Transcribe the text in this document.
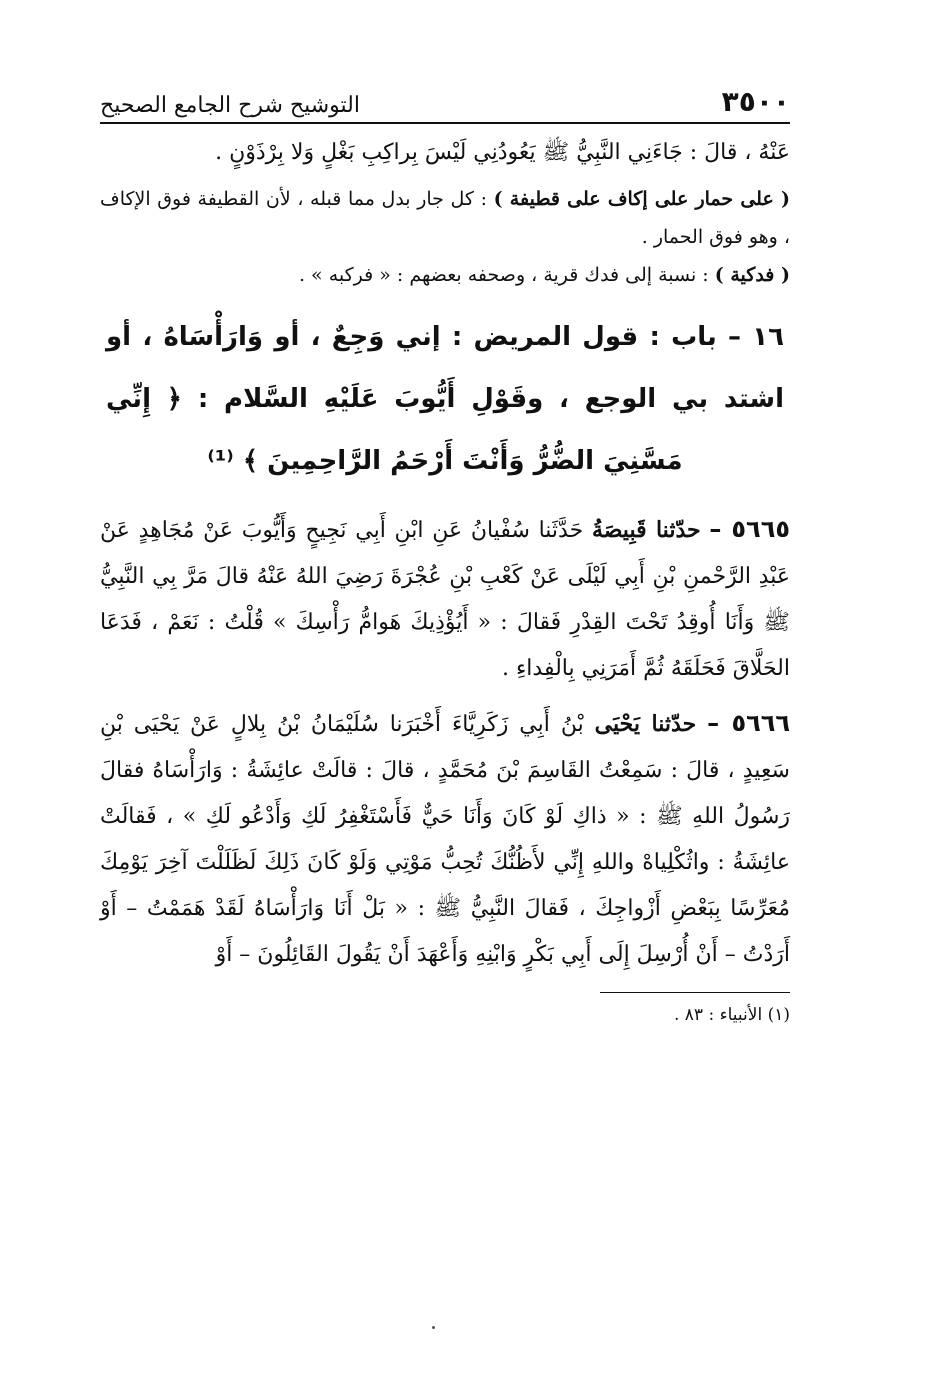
٣٥٠٠
التوشيح شرح الجامع الصحيح

عَنْهُ ، قالَ : جَاءَنِي النَّبِيُّ ﷺ يَعُودُنِي لَيْسَ بِراكِبِ بَغْلٍ وَلا بِرْذَوْنٍ .

( على حمار على إكاف على قطيفة ) : كل جار بدل مما قبله ، لأن القطيفة فوق الإكاف ، وهو فوق الحمار .

( فدكية ) : نسبة إلى فدك قرية ، وصحفه بعضهم : « فركبه » .

١٦ – باب : قول المريض : إني وَجِعٌ ، أو وَارَأْسَاهُ ، أو اشتد بي الوجع ، وقَوْلِ أَيُّوبَ عَلَيْهِ السَّلام : ﴿ إِنِّي مَسَّنِيَ الضُّرُّ وَأَنْتَ أَرْحَمُ الرَّاحِمِينَ ﴾ ⁽¹⁾

٥٦٦٥ – حدّثنا قَبِيصَةُ حَدَّثَنا سُفْيانُ عَنِ ابْنِ أَبِي نَجِيحٍ وَأَيُّوبَ عَنْ مُجَاهِدٍ عَنْ عَبْدِ الرَّحْمنِ بْنِ أَبِي لَيْلَى عَنْ كَعْبِ بْنِ عُجْرَةَ رَضِيَ اللهُ عَنْهُ قالَ مَرَّ بِي النَّبِيُّ ﷺ وَأَنَا أُوقِدُ تَحْتَ القِدْرِ فَقالَ : « أَيُؤْذِيكَ هَوامُّ رَأْسِكَ » قُلْتُ : نَعَمْ ، فَدَعَا الحَلَّاقَ فَحَلَقَهُ ثُمَّ أَمَرَنِي بِالْفِداءِ .

٥٦٦٦ – حدّثنا يَحْيَى بْنُ أَبِي زَكَرِيَّاءَ أَخْبَرَنا سُلَيْمَانُ بْنُ بِلالٍ عَنْ يَحْيَى بْنِ سَعِيدٍ ، قالَ : سَمِعْتُ القَاسِمَ بْنَ مُحَمَّدٍ ، قالَ : قالَتْ عائِشَةُ : وَارَأْسَاهُ فقالَ رَسُولُ اللهِ ﷺ : « ذاكِ لَوْ كَانَ وَأَنَا حَيٌّ فَأَسْتَغْفِرُ لَكِ وَأَدْعُو لَكِ » ، فَقالَتْ عائِشَةُ : واثُكْلِياهْ واللهِ إِنِّي لأَظُنُّكَ تُحِبُّ مَوْتِي وَلَوْ كَانَ ذَلِكَ لَظَلَلْتَ آخِرَ يَوْمِكَ مُعَرِّسًا بِبَعْضِ أَزْواجِكَ ، فَقالَ النَّبِيُّ ﷺ : « بَلْ أَنَا وَارَأْسَاهُ لَقَدْ هَمَمْتُ – أَوْ أَرَدْتُ – أَنْ أُرْسِلَ إِلَى أَبِي بَكْرٍ وَابْنِهِ وَأَعْهَدَ أَنْ يَقُولَ القَائِلُونَ – أَوْ

(١) الأنبياء : ٨٣ .
